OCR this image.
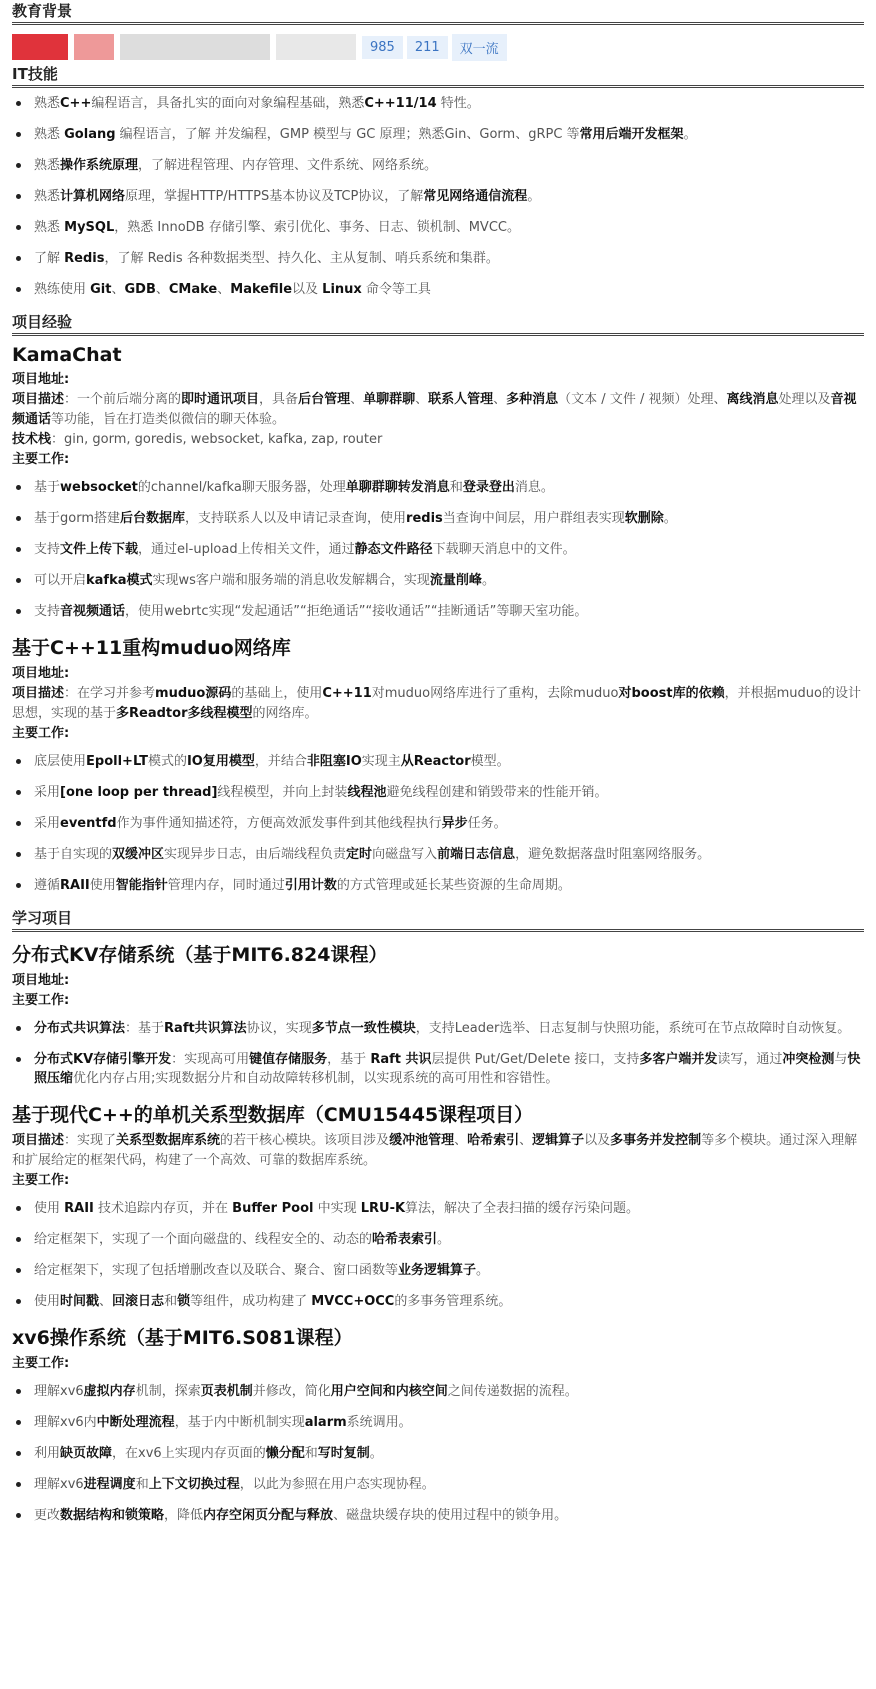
教育背景
985	211	双一流
IT技能
熟悉C++编程语言，具备扎实的面向对象编程基础，熟悉C++11/14 特性。
熟悉 Golang 编程语言，了解 并发编程，GMP 模型与 GC 原理；熟悉Gin、Gorm、gRPC 等常用后端开发框架。
熟悉操作系统原理，了解进程管理、内存管理、文件系统、网络系统。
熟悉计算机网络原理，掌握HTTP/HTTPS基本协议及TCP协议，了解常见网络通信流程。
熟悉 MySQL，熟悉 InnoDB 存储引擎、索引优化、事务、日志、锁机制、MVCC。
了解 Redis，了解 Redis 各种数据类型、持久化、主从复制、哨兵系统和集群。
熟练使用 Git、GDB、CMake、Makefile以及 Linux 命令等工具
项目经验
KamaChat
项目地址:
项目描述：一个前后端分离的即时通讯项目，具备后台管理、单聊群聊、联系人管理、多种消息（文本 / 文件 / 视频）处理、离线消息处理以及音视频通话等功能，旨在打造类似微信的聊天体验。
技术栈：gin, gorm, goredis, websocket, kafka, zap, router
主要工作:
基于websocket的channel/kafka聊天服务器，处理单聊群聊转发消息和登录登出消息。
基于gorm搭建后台数据库，支持联系人以及申请记录查询，使用redis当查询中间层，用户群组表实现软删除。
支持文件上传下载，通过el-upload上传相关文件，通过静态文件路径下载聊天消息中的文件。
可以开启kafka模式实现ws客户端和服务端的消息收发解耦合，实现流量削峰。
支持音视频通话，使用webrtc实现“发起通话”“拒绝通话”“接收通话”“挂断通话”等聊天室功能。
基于C++11重构muduo网络库
项目地址:
项目描述：在学习并参考muduo源码的基础上，使用C++11对muduo网络库进行了重构，去除muduo对boost库的依赖，并根据muduo的设计思想，实现的基于多Readtor多线程模型的网络库。
主要工作:
底层使用Epoll+LT模式的IO复用模型，并结合非阻塞IO实现主从Reactor模型。
采用[one loop per thread]线程模型，并向上封装线程池避免线程创建和销毁带来的性能开销。
采用eventfd作为事件通知描述符，方便高效派发事件到其他线程执行异步任务。
基于自实现的双缓冲区实现异步日志，由后端线程负责定时向磁盘写入前端日志信息，避免数据落盘时阻塞网络服务。
遵循RAII使用智能指针管理内存，同时通过引用计数的方式管理或延长某些资源的生命周期。
学习项目
分布式KV存储系统（基于MIT6.824课程）
项目地址:
主要工作:
分布式共识算法：基于Raft共识算法协议，实现多节点一致性模块，支持Leader选举、日志复制与快照功能，系统可在节点故障时自动恢复。
分布式KV存储引擎开发：实现高可用键值存储服务，基于 Raft 共识层提供 Put/Get/Delete 接口，支持多客户端并发读写，通过冲突检测与快照压缩优化内存占用;实现数据分片和自动故障转移机制，以实现系统的高可用性和容错性。
基于现代C++的单机关系型数据库（CMU15445课程项目）
项目描述：实现了关系型数据库系统的若干核心模块。该项目涉及缓冲池管理、哈希索引、逻辑算子以及多事务并发控制等多个模块。通过深入理解和扩展给定的框架代码，构建了一个高效、可靠的数据库系统。
主要工作:
使用 RAII 技术追踪内存页，并在 Buffer Pool 中实现 LRU-K算法，解决了全表扫描的缓存污染问题。
给定框架下，实现了一个面向磁盘的、线程安全的、动态的哈希表索引。
给定框架下，实现了包括增删改查以及联合、聚合、窗口函数等业务逻辑算子。
使用时间戳、回滚日志和锁等组件，成功构建了 MVCC+OCC的多事务管理系统。
xv6操作系统（基于MIT6.S081课程）
主要工作:
理解xv6虚拟内存机制，探索页表机制并修改，简化用户空间和内核空间之间传递数据的流程。
理解xv6内中断处理流程，基于内中断机制实现alarm系统调用。
利用缺页故障，在xv6上实现内存页面的懒分配和写时复制。
理解xv6进程调度和上下文切换过程，以此为参照在用户态实现协程。
更改数据结构和锁策略，降低内存空闲页分配与释放、磁盘块缓存块的使用过程中的锁争用。
